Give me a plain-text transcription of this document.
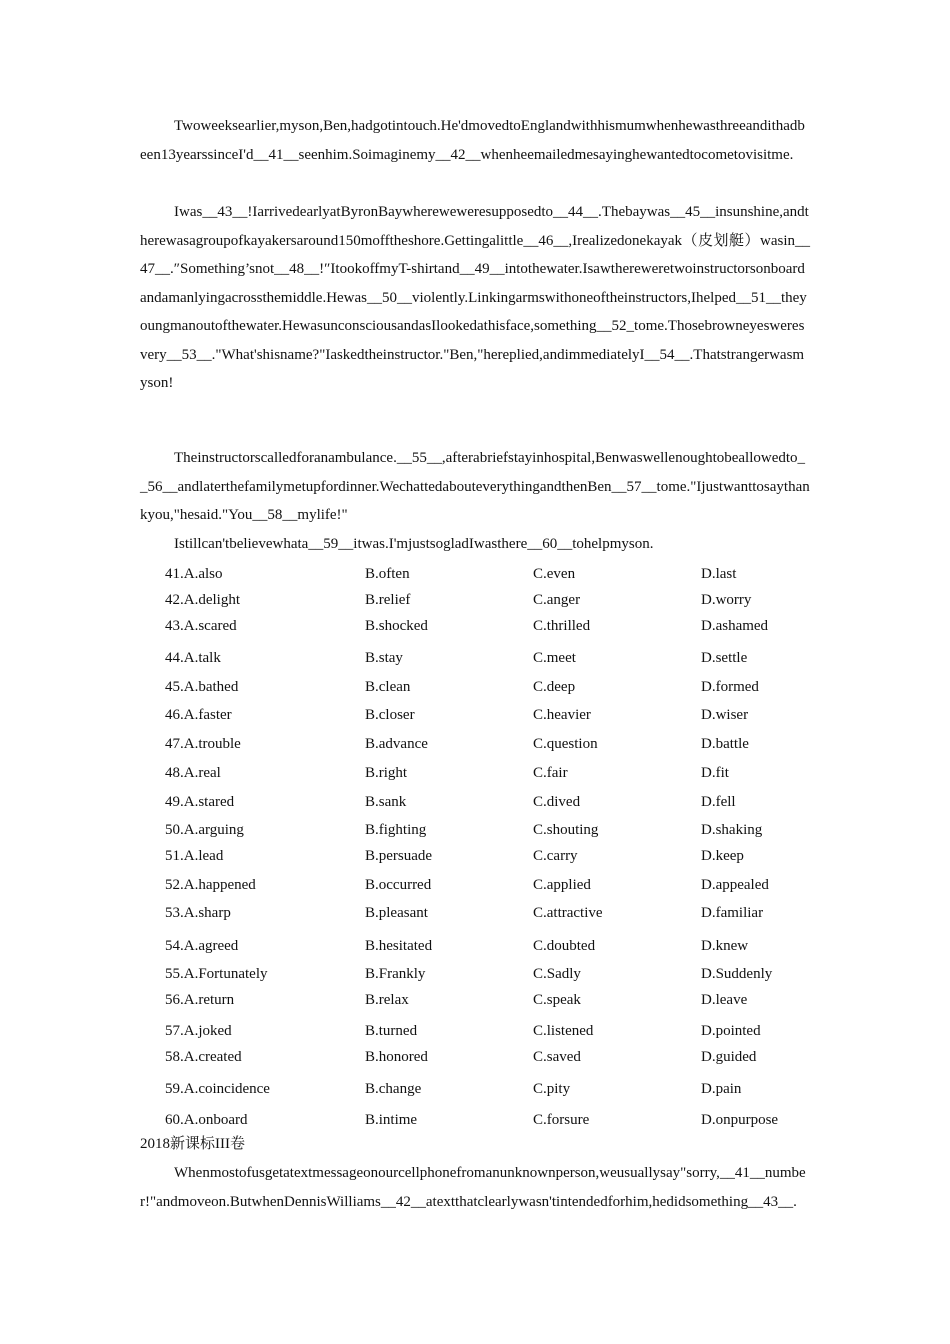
Twoweeksearlier,myson,Ben,hadgotintouch.He'dmovedtoEnglandwithhismumwhenhewasthreeandithadbeen13yearssinceI'd__41__seenhim.Soimaginemy__42__whenheemailedmesayinghewantedtocometovisitme.

Iwas__43__!IarrivedearlyatByronBaywhereweweresupposedto__44__.Thebaywas__45__insunshine,andtherewasagroupofkayakersaround150mofftheshore.Gettingalittle__46__,Irealizedonekayak（皮划艇）wasin__47__.″Something’snot__48__!″ItookoffmyT-shirtand__49__intothewater.Isawthereweretwoinstructorsonboardandamanlyingacrossthemiddle.Hewas__50__violently.Linkingarmswithoneoftheinstructors,Ihelped__51__theyoungmanoutofthewater.HewasunconsciousandasIlookedathisface,something__52_tome.Thosebrowneyesweresvery__53__."What'shisname?"Iaskedtheinstructor."Ben,"hereplied,andimmediatelyI__54__.Thatstrangerwasmyson!

Theinstructorscalledforanambulance.__55__,afterabriefstayinhospital,Benwaswellenoughtobeallowedto__56__andlaterthefamilymetupfordinner.WechattedabouteverythingandthenBen__57__tome."Ijustwanttosaythankyou,"hesaid."You__58__mylife!"

Istillcan'tbelievewhata__59__itwas.I'mjustsogladIwasthere__60__tohelpmyson.

41.A.also	B.often	C.even	D.last
42.A.delight	B.relief	C.anger	D.worry
43.A.scared	B.shocked	C.thrilled	D.ashamed
44.A.talk	B.stay	C.meet	D.settle
45.A.bathed	B.clean	C.deep	D.formed
46.A.faster	B.closer	C.heavier	D.wiser
47.A.trouble	B.advance	C.question	D.battle
48.A.real	B.right	C.fair	D.fit
49.A.stared	B.sank	C.dived	D.fell
50.A.arguing	B.fighting	C.shouting	D.shaking
51.A.lead	B.persuade	C.carry	D.keep
52.A.happened	B.occurred	C.applied	D.appealed
53.A.sharp	B.pleasant	C.attractive	D.familiar
54.A.agreed	B.hesitated	C.doubted	D.knew
55.A.Fortunately	B.Frankly	C.Sadly	D.Suddenly
56.A.return	B.relax	C.speak	D.leave
57.A.joked	B.turned	C.listened	D.pointed
58.A.created	B.honored	C.saved	D.guided
59.A.coincidence	B.change	C.pity	D.pain
60.A.onboard	B.intime	C.forsure	D.onpurpose
2018新课标III卷

Whenmostofusgetatextmessageonourcellphonefromanunknownperson,weusuallysay"sorry,__41__number!"andmoveon.ButwhenDennisWilliams__42__atextthatclearlywasn'tintendedforhim,hedidsomething__43__.
